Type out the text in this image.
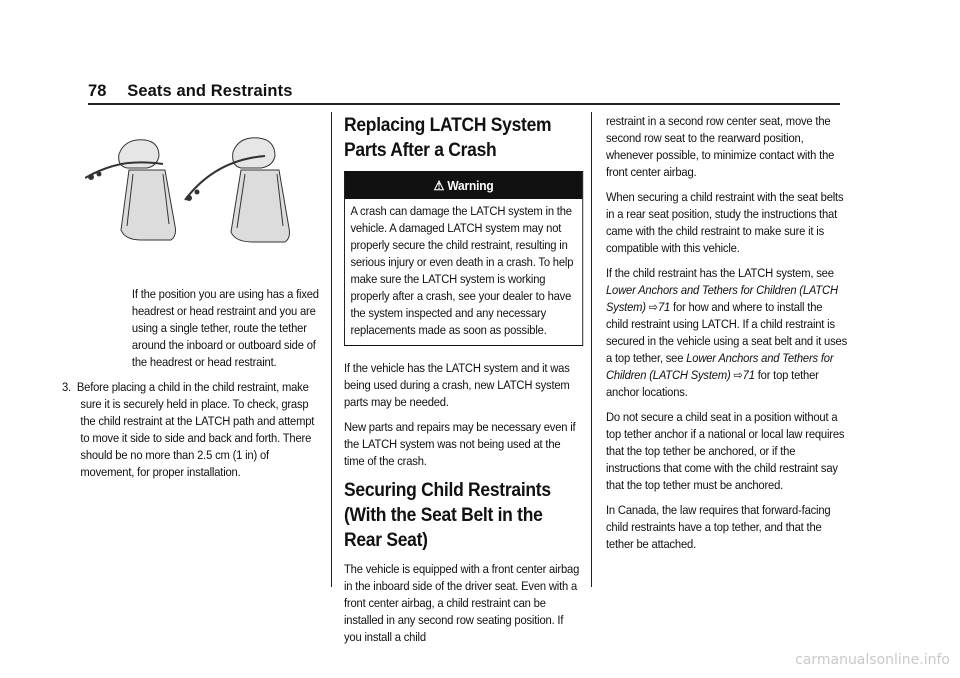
78 Seats and Restraints

If the position you are using has a fixed headrest or head restraint and you are using a single tether, route the tether around the inboard or outboard side of the headrest or head restraint.

3. Before placing a child in the child restraint, make sure it is securely held in place. To check, grasp the child restraint at the LATCH path and attempt to move it side to side and back and forth. There should be no more than 2.5 cm (1 in) of movement, for proper installation.

Replacing LATCH System Parts After a Crash
⚠ Warning

A crash can damage the LATCH system in the vehicle. A damaged LATCH system may not properly secure the child restraint, resulting in serious injury or even death in a crash. To help make sure the LATCH system is working properly after a crash, see your dealer to have the system inspected and any necessary replacements made as soon as possible.

If the vehicle has the LATCH system and it was being used during a crash, new LATCH system parts may be needed.

New parts and repairs may be necessary even if the LATCH system was not being used at the time of the crash.

Securing Child Restraints (With the Seat Belt in the Rear Seat)

The vehicle is equipped with a front center airbag in the inboard side of the driver seat. Even with a front center airbag, a child restraint can be installed in any second row seating position. If you install a child

restraint in a second row center seat, move the second row seat to the rearward position, whenever possible, to minimize contact with the front center airbag.

When securing a child restraint with the seat belts in a rear seat position, study the instructions that came with the child restraint to make sure it is compatible with this vehicle.

If the child restraint has the LATCH system, see Lower Anchors and Tethers for Children (LATCH System) ⇨71 for how and where to install the child restraint using LATCH. If a child restraint is secured in the vehicle using a seat belt and it uses a top tether, see Lower Anchors and Tethers for Children (LATCH System) ⇨71 for top tether anchor locations.

Do not secure a child seat in a position without a top tether anchor if a national or local law requires that the top tether be anchored, or if the instructions that come with the child restraint say that the top tether must be anchored.

In Canada, the law requires that forward-facing child restraints have a top tether, and that the tether be attached.

carmanualsonline.info
